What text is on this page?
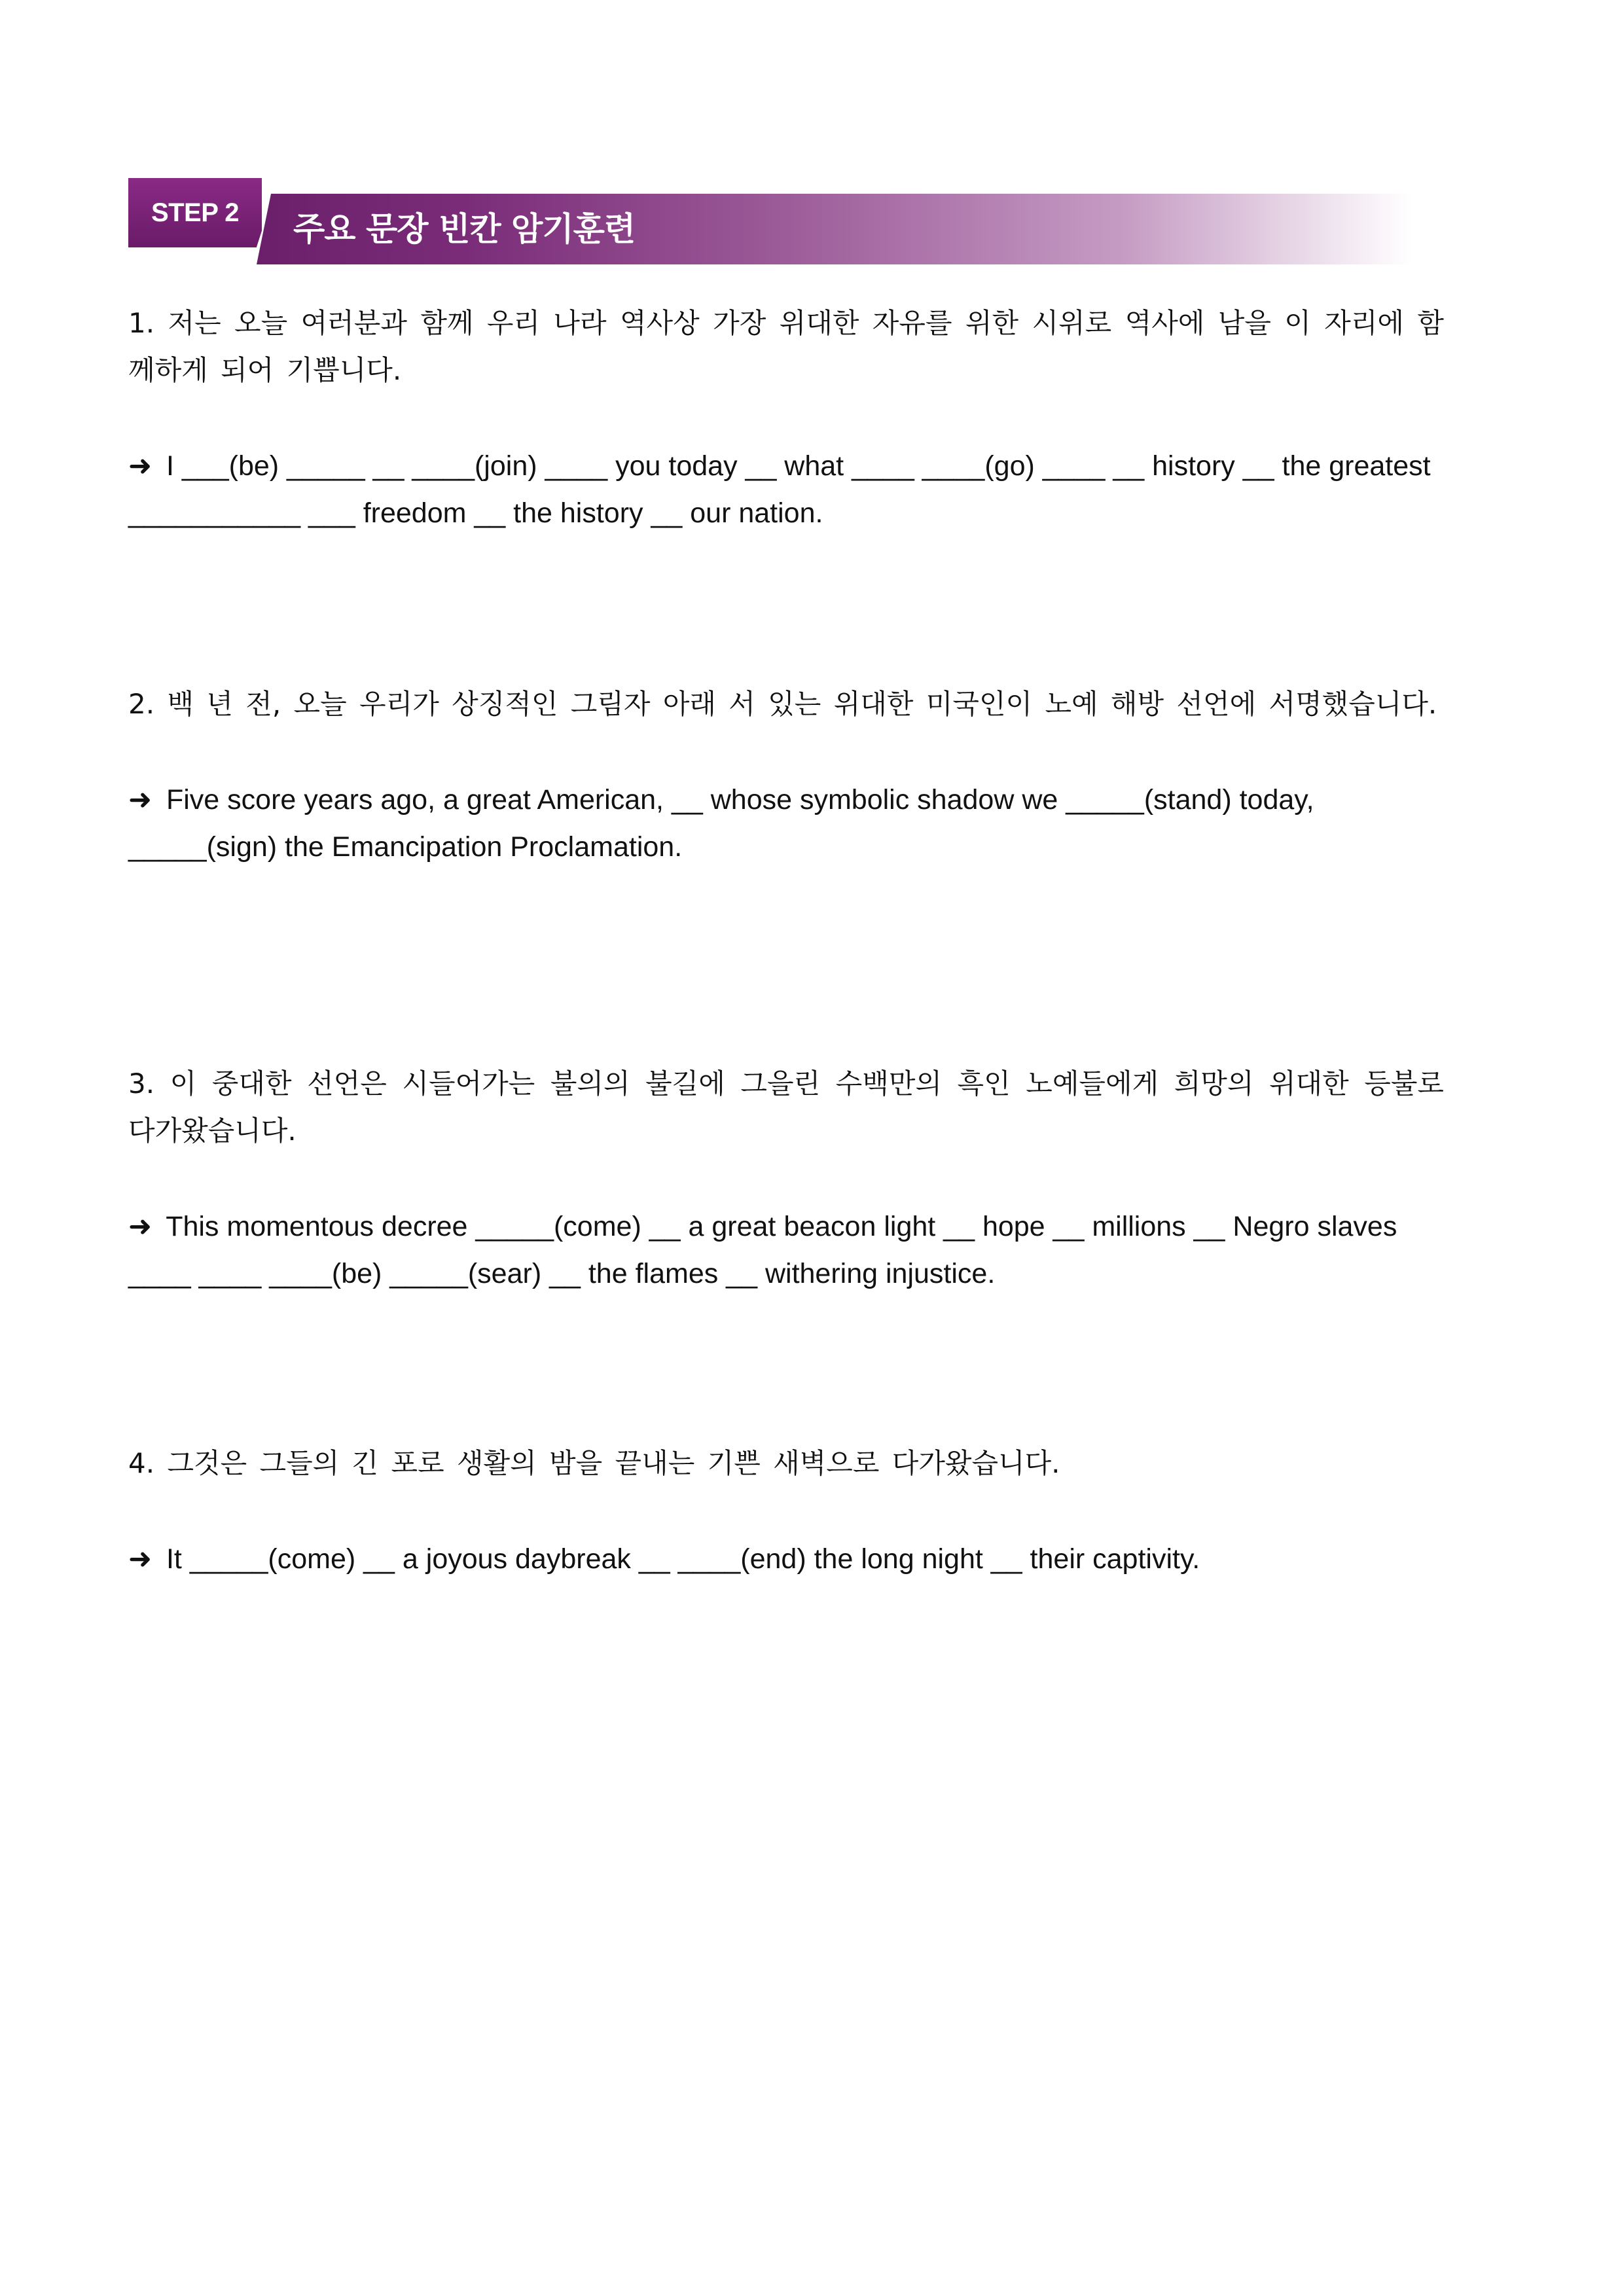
STEP 2	주요 문장 빈칸 암기훈련

1. 저는 오늘 여러분과 함께 우리 나라 역사상 가장 위대한 자유를 위한 시위로 역사에 남을 이 자리에 함께하게 되어 기쁩니다.

➜ I ___(be) _____ __ ____(join) ____ you today __ what ____ ____(go) ____ __ history __ the greatest ___________ ___ freedom __ the history __ our nation.

2. 백 년 전, 오늘 우리가 상징적인 그림자 아래 서 있는 위대한 미국인이 노예 해방 선언에 서명했습니다.

➜ Five score years ago, a great American, __ whose symbolic shadow we _____(stand) today, _____(sign) the Emancipation Proclamation.

3. 이 중대한 선언은 시들어가는 불의의 불길에 그을린 수백만의 흑인 노예들에게 희망의 위대한 등불로 다가왔습니다.

➜ This momentous decree _____(come) __ a great beacon light __ hope __ millions __ Negro slaves ____ ____ ____(be) _____(sear) __ the flames __ withering injustice.

4. 그것은 그들의 긴 포로 생활의 밤을 끝내는 기쁜 새벽으로 다가왔습니다.

➜ It _____(come) __ a joyous daybreak __ ____(end) the long night __ their captivity.
